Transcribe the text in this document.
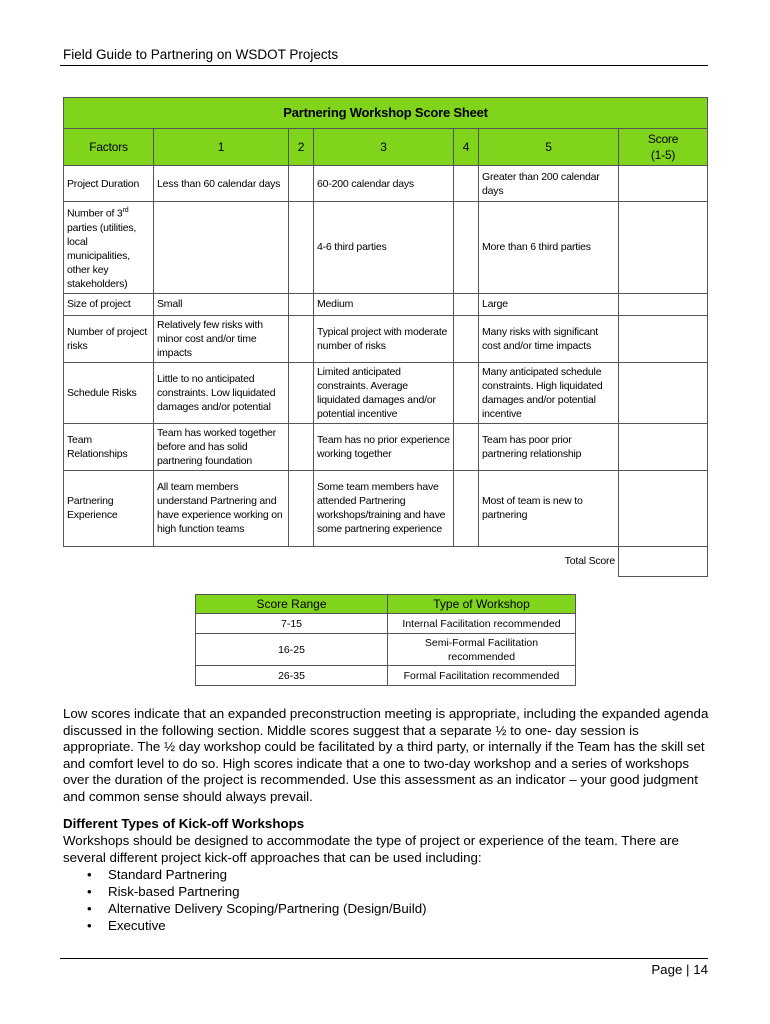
Field Guide to Partnering on WSDOT Projects
Partnering Workshop Score Sheet						
Factors	1	2	3	4	5	Score
(1-5)
Project Duration	Less than 60 calendar days		60-200 calendar days		Greater than 200 calendar days	
Number of 3rd parties (utilities, local municipalities, other key stakeholders)			4-6 third parties		More than 6 third parties	
Size of project	Small		Medium		Large	
Number of project risks	Relatively few risks with minor cost and/or time impacts		Typical project with moderate number of risks		Many risks with significant cost and/or time impacts	
Schedule Risks	Little to no anticipated constraints. Low liquidated damages and/or potential		Limited anticipated constraints. Average liquidated damages and/or potential incentive		Many anticipated schedule constraints. High liquidated damages and/or potential incentive	
Team Relationships	Team has worked together before and has solid partnering foundation		Team has no prior experience working together		Team has poor prior partnering relationship	
Partnering Experience	All team members understand Partnering and have experience working on high function teams		Some team members have attended Partnering workshops/training and have some partnering experience		Most of team is new to partnering	
Total Score						
Score Range	Type of Workshop
7-15	Internal Facilitation recommended
16-25	Semi-Formal Facilitation recommended
26-35	Formal Facilitation recommended
Low scores indicate that an expanded preconstruction meeting is appropriate, including the expanded agenda discussed in the following section. Middle scores suggest that a separate ½ to one- day session is appropriate. The ½ day workshop could be facilitated by a third party, or internally if the Team has the skill set and comfort level to do so. High scores indicate that a one to two-day workshop and a series of workshops over the duration of the project is recommended. Use this assessment as an indicator – your good judgment and common sense should always prevail.
Different Types of Kick-off Workshops
Workshops should be designed to accommodate the type of project or experience of the team. There are several different project kick-off approaches that can be used including:
• Standard Partnering
• Risk-based Partnering
• Alternative Delivery Scoping/Partnering (Design/Build)
• Executive
Page | 14
